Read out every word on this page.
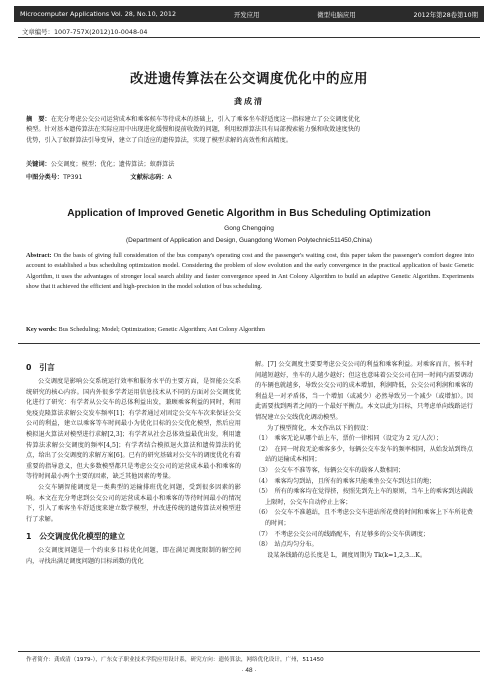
Microcomputer Applications Vol. 28, No.10, 2012	开发应用	微型电脑应用	2012年第28卷第10期
文章编号：1007-757X(2012)10-0048-04
改进遗传算法在公交调度优化中的应用
龚成清
摘　要：在充分考虑公交公司运营成本和乘客候车等待成本的基础上，引入了乘客坐车舒适度这一指标建立了公交调度优化
模型。针对基本遗传算法在实际应用中出现进化缓慢和提前收敛的问题，利用蚁群算法具有局部搜索能力强和收敛速度快的
优势，引入了蚁群算法引导变异，建立了自适应的遗传算法，实现了模型求解的高效性和高精度。
关键词：公交调度；模型；优化；遗传算法；蚁群算法
中图分类号：TP391	文献标志码：A
Application of Improved Genetic Algorithm in Bus Scheduling Optimization
Gong Chengqing
(Department of Application and Design, Guangdong Women Polytechnic511450,China)
Abstract: On the basis of giving full consideration of the bus company's operating cost and the passenger's waiting cost, this paper taken the passenger's comfort degree into account to established a bus scheduling optimization model. Considering the problem of slow evolution and the early convergence in the practical application of basic Genetic Algorithm, it uses the advantages of stronger local search ability and faster convergence speed in Ant Colony Algorithm to build an adaptive Genetic Algorithm. Experiments show that it achieved the efficient and high-precision in the model solution of bus scheduling.
Key words: Bus Scheduling; Model; Optimization; Genetic Algorithm; Ant Colony Algorithm
0　引言

公交调度是影响公交系统运行效率和服务水平的主要方面，是智能公交系统研究的核心内容。国内外很多学者运用信息技术从不同的方面对公交调度优化进行了研究：有学者从公交车的总体利益出发，兼顾乘客利益的同时，利用免疫克隆算法求解公交发车频率[1]；有学者通过对固定公交车车次来保证公交公司的利益，建立以乘客等车时间最小为优化目标的公交优化模型，然后应用模拟退火算法对模型进行求解[2,3]；有学者从社会总体效益最优出发，利用遗传算法求解公交调度的频率[4,5]；有学者结合模拟退火算法和遗传算法的优点，给出了公交调度的求解方案[6]。已有的研究基础对公交车的调度优化有着重要的指导意义，但大多数模型都只是考虑公交公司的运营成本最小和乘客的等待时间最小两个主要的因素，缺乏其他因素的考量。

公交车辆智能调度是一类典型的运输排班优化问题，受到很多因素的影响。本文在充分考虑到公交公司的运营成本最小和乘客的等待时间最小的情况下，引入了乘客坐车舒适度来建立数学模型，并改进传统的遗传算法对模型进行了求解。

1　公交调度优化模型的建立

公交调度问题是一个约束多目标优化问题，即在满足调度限制的解空间内，寻找出满足调度问题的目标函数的优化

解。[7] 公交调度主要要考虑公交公司的利益和乘客利益。对乘客而言，候车时间越短越好，坐车的人越少越好；但这也意味着公交公司在同一时间内需要调动的车辆也就越多，导致公交公司的成本增加，利润降低，公交公司利润和乘客的利益是一对矛盾体，当一个增加（或减少）必然导致另一个减少（或增加）。因此需要找到两者之间的一个最好平衡点。本文以此为目标，只考虑单向线路运行情况建立公交线优化调动模型。

为了模型简化，本文作出以下的假设：

（1）　乘客无论从哪个站上车，票价一律相同（设定为 2 元/人次）；

（2）　在同一时段无论乘客多少，每辆公交车发车的频率相同，从始发站到终点站的运输成本相同；

（3）　公交车不准等客，每辆公交车的载客人数相同；

（4）　乘客均匀到站，且所有的乘客只能乘坐公交车到达目的地；

（5）　所有的乘客均在觉得挤，按照先到先上车的原则，当车上的乘客到达满载上限时，公交车自动停止上客；

（6）　公交车不准越站，且不考虑公交车进站所花费的时间和乘客上下车所花费的时间；

（7）　不考虑公交公司的线路配车，有足够多的公交车供调度；

（8）　站点均匀分布。

设某条线路的总长度是 L，调度周期为 Tk(k=1,2,3…K。

作者简介：龚成清（1979-），广东女子职业技术学院应用设计系，研究方向：遗传算法，网络优化设计，广州，511450
· 48 ·
